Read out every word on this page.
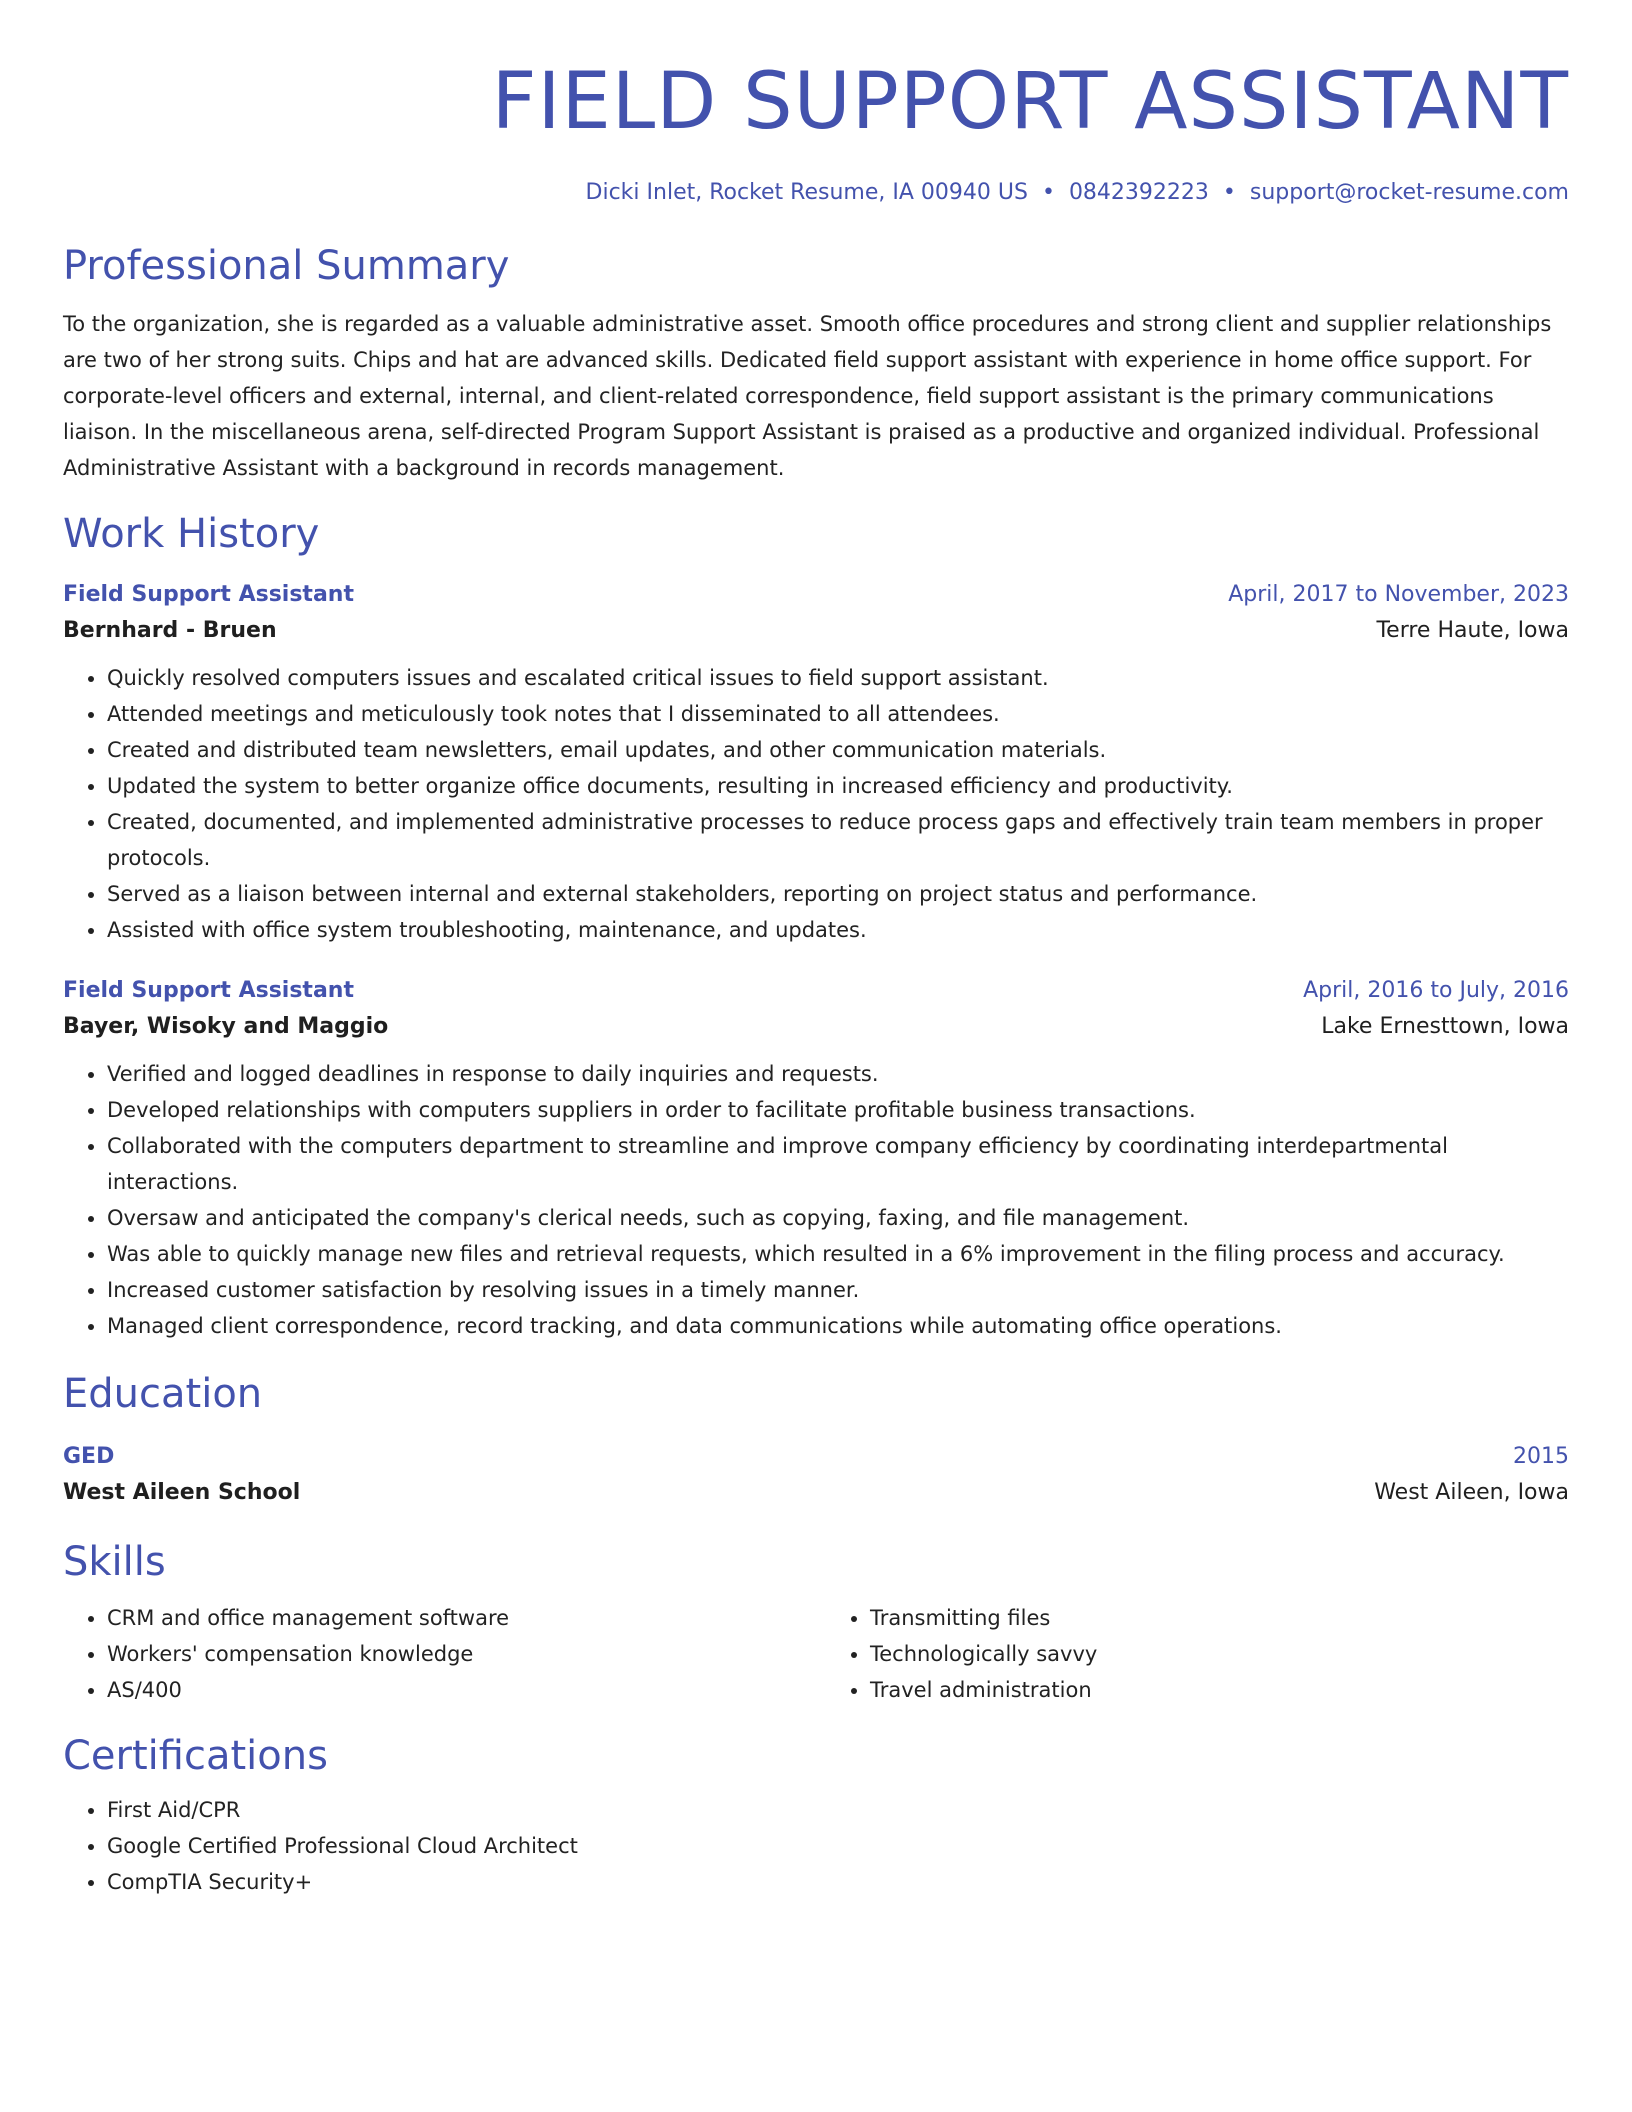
FIELD SUPPORT ASSISTANT
Dicki Inlet, Rocket Resume, IA 00940 US • 0842392223 • support@rocket-resume.com
Professional Summary

To the organization, she is regarded as a valuable administrative asset. Smooth office procedures and strong client and supplier relationships are two of her strong suits. Chips and hat are advanced skills. Dedicated field support assistant with experience in home office support. For corporate-level officers and external, internal, and client-related correspondence, field support assistant is the primary communications liaison. In the miscellaneous arena, self-directed Program Support Assistant is praised as a productive and organized individual. Professional Administrative Assistant with a background in records management.

Work History
Field Support Assistant	April, 2017 to November, 2023
Bernhard - Bruen	Terre Haute, Iowa
• Quickly resolved computers issues and escalated critical issues to field support assistant.
• Attended meetings and meticulously took notes that I disseminated to all attendees.
• Created and distributed team newsletters, email updates, and other communication materials.
• Updated the system to better organize office documents, resulting in increased efficiency and productivity.
• Created, documented, and implemented administrative processes to reduce process gaps and effectively train team members in proper protocols.
• Served as a liaison between internal and external stakeholders, reporting on project status and performance.
• Assisted with office system troubleshooting, maintenance, and updates.
Field Support Assistant	April, 2016 to July, 2016
Bayer, Wisoky and Maggio	Lake Ernesttown, Iowa
• Verified and logged deadlines in response to daily inquiries and requests.
• Developed relationships with computers suppliers in order to facilitate profitable business transactions.
• Collaborated with the computers department to streamline and improve company efficiency by coordinating interdepartmental interactions.
• Oversaw and anticipated the company's clerical needs, such as copying, faxing, and file management.
• Was able to quickly manage new files and retrieval requests, which resulted in a 6% improvement in the filing process and accuracy.
• Increased customer satisfaction by resolving issues in a timely manner.
• Managed client correspondence, record tracking, and data communications while automating office operations.
Education
GED	2015
West Aileen School	West Aileen, Iowa
Skills
• CRM and office management software
• Workers' compensation knowledge
• AS/400
• Transmitting files
• Technologically savvy
• Travel administration
Certifications
• First Aid/CPR
• Google Certified Professional Cloud Architect
• CompTIA Security+
